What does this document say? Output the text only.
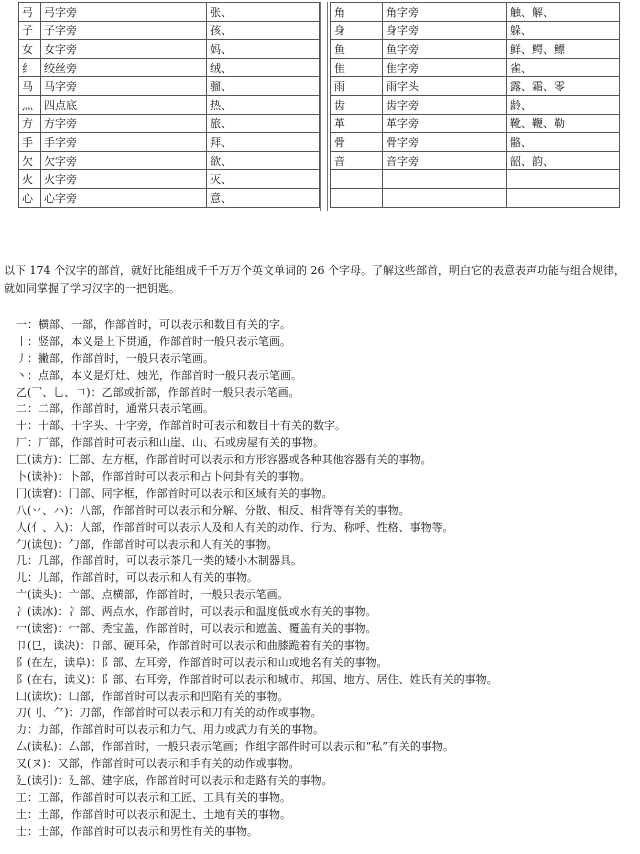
弓	弓字旁	张、
子	子字旁	孩、
女	女字旁	妈、
纟	绞丝旁	绒、
马	马字旁	骝、
灬	四点底	热、
方	方字旁	旅、
手	手字旁	拜、
欠	欠字旁	欲、
火	火字旁	灭、
心	心字旁	意、
角	角字旁	触、解、
身	身字旁	躲、
鱼	鱼字旁	鲜、鳄、鳔
隹	隹字旁	雀、
雨	雨字头	露、霜、零
齿	齿字旁	龄、
革	革字旁	靴、鞭、勒
骨	骨字旁	骼、
音	音字旁	韶、韵、

以下 174 个汉字的部首，就好比能组成千千万万个英文单词的 26 个字母。了解这些部首，明白它的表意表声功能与组合规律，就如同掌握了学习汉字的一把钥匙。

一：横部、一部，作部首时，可以表示和数目有关的字。
丨：竖部，本义是上下贯通，作部首时一般只表示笔画。
丿：撇部，作部首时，一般只表示笔画。
丶：点部，本义是灯灶、烛光，作部首时一般只表示笔画。
乙(乛、乚、𠃍)：乙部或折部，作部首时一般只表示笔画。
二：二部，作部首时，通常只表示笔画。
十：十部、十字头、十字旁，作部首时可表示和数目十有关的数字。
厂：厂部，作部首时可表示和山崖、山、石或房屋有关的事物。
匚(读方)：匚部、左方框，作部首时可以表示和方形容器或各种其他容器有关的事物。
卜(读补)：卜部，作部首时可以表示和占卜问卦有关的事物。
冂(读窘)：冂部、同字框，作部首时可以表示和区域有关的事物。
八(丷、ハ)：八部，作部首时可以表示和分解、分散、相反、相背等有关的事物。
人(亻、入)：人部，作部首时可以表示人及和人有关的动作、行为、称呼、性格、事物等。
勹(读包)：勹部，作部首时可以表示和人有关的事物。
几：几部，作部首时，可以表示茶几一类的矮小木制器具。
儿：儿部，作部首时，可以表示和人有关的事物。
亠(读头)：亠部、点横部，作部首时，一般只表示笔画。
冫(读冰)：冫部、两点水，作部首时，可以表示和温度低或水有关的事物。
冖(读密)：冖部、秃宝盖，作部首时，可以表示和遮盖、覆盖有关的事物。
卩(㔾，读决)：卩部、硬耳朵，作部首时可以表示和曲膝跪着有关的事物。
阝(在左，读阜)：阝部、左耳旁，作部首时可以表示和山或地名有关的事物。
阝(在右，读义)：阝部、右耳旁，作部首时可以表示和城市、邦国、地方、居住、姓氏有关的事物。
凵(读坎)：凵部，作部首时可以表示和凹陷有关的事物。
刀(刂、⺈)：刀部，作部首时可以表示和刀有关的动作或事物。
力：力部，作部首时可以表示和力气、用力或武力有关的事物。
厶(读私)：厶部，作部首时，一般只表示笔画；作组字部件时可以表示和“私”有关的事物。
又(ヌ)：又部，作部首时可以表示和手有关的动作或事物。
廴(读引)：廴部、建字底，作部首时可以表示和走路有关的事物。
工：工部，作部首时可以表示和工匠、工具有关的事物。
土：土部，作部首时可以表示和泥土、土地有关的事物。
士：士部，作部首时可以表示和男性有关的事物。
